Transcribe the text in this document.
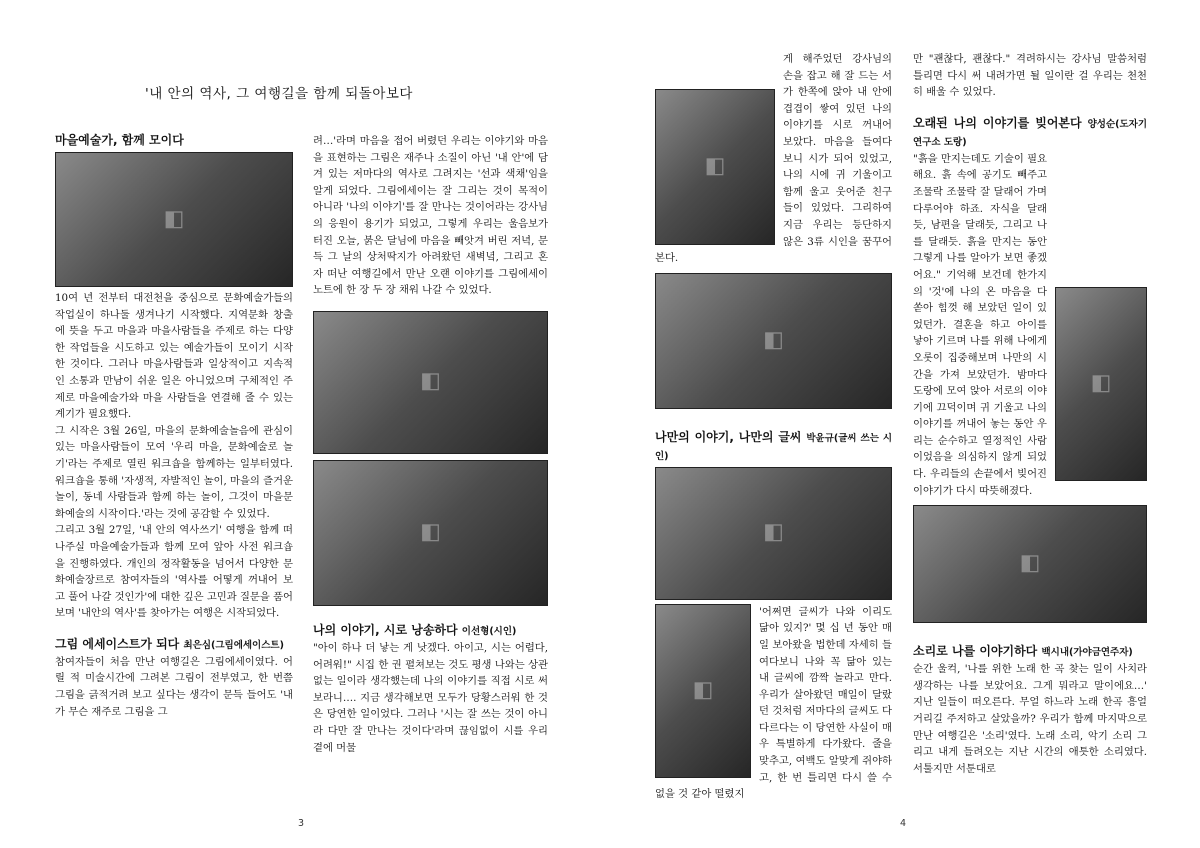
'내 안의 역사, 그 여행길을 함께 되돌아보다
마을예술가, 함께 모이다
◧

10여 년 전부터 대전천을 중심으로 문화예술가들의 작업실이 하나둘 생겨나기 시작했다. 지역문화 창출에 뜻을 두고 마을과 마을사람들을 주제로 하는 다양한 작업들을 시도하고 있는 예술가들이 모이기 시작한 것이다. 그러나 마을사람들과 일상적이고 지속적인 소통과 만남이 쉬운 일은 아니었으며 구체적인 주제로 마을예술가와 마을 사람들을 연결해 줄 수 있는 계기가 필요했다.

그 시작은 3월 26일, 마을의 문화예술놀음에 관심이 있는 마을사람들이 모여 '우리 마을, 문화예술로 놀기'라는 주제로 열린 워크숍을 함께하는 일부터였다. 워크숍을 통해 '자생적, 자발적인 놀이, 마을의 즐거운 놀이, 동네 사람들과 함께 하는 놀이, 그것이 마을문화예술의 시작이다.'라는 것에 공감할 수 있었다.

그리고 3월 27일, '내 안의 역사쓰기' 여행을 함께 떠나주실 마을예술가들과 함께 모여 앞아 사전 워크숍을 진행하였다. 개인의 정작활동을 넘어서 다양한 문화예술장르로 참여자들의 '역사를 어떻게 꺼내어 보고 풀어 나갈 것인가'에 대한 깊은 고민과 질문을 품어보며 '내안의 역사'를 찾아가는 여행은 시작되었다.

그림 에세이스트가 되다 최은심(그림에세이스트)

참여자들이 처음 만난 여행길은 그림에세이였다. 어릴 적 미술시간에 그려본 그림이 전부였고, 한 번쯤 그림을 긁적거려 보고 싶다는 생각이 문득 들어도 '내가 무슨 재주로 그림을 그

려…'라며 마음을 접어 버렸던 우리는 이야기와 마음을 표현하는 그림은 재주나 소질이 아닌 '내 안'에 담겨 있는 저마다의 역사로 그려지는 '선과 색채'임을 알게 되었다. 그림에세이는 잘 그리는 것이 목적이 아니라 '나의 이야기'를 잘 만나는 것이어라는 강사님의 응원이 용기가 되었고, 그렇게 우리는 울음보가 터진 오늘, 붉은 달님에 마음을 빼앗겨 버린 저녁, 문득 그 날의 상처딱지가 아려왔던 새벽녘, 그리고 혼자 떠난 여행길에서 만난 오랜 이야기를 그림에세이 노트에 한 장 두 장 채워 나갈 수 있었다.

◧
◧
나의 이야기, 시로 낭송하다 이선형(시인)

"아이 하나 더 낳는 게 낫겠다. 아이고, 시는 어렵다, 어려워!" 시집 한 권 펼쳐보는 것도 평생 나와는 상관없는 일이라 생각했는데 나의 이야기를 직접 시로 써보라니…. 지금 생각해보면 모두가 당황스러워 한 것은 당연한 일이었다. 그러나 '시는 잘 쓰는 것이 아니라 다만 잘 만나는 것이다'라며 끊임없이 시를 우리 곁에 머물

3
◧

게 해주었던 강사님의 손을 잡고 해 잘 드는 서가 한쪽에 앉아 내 안에 겹겹이 쌓여 있던 나의 이야기를 시로 꺼내어 보았다. 마음을 들여다 보니 시가 되어 있었고, 나의 시에 귀 기울이고 함께 울고 웃어준 친구들이 있었다. 그리하여 지금 우리는 등단하지 않은 3류 시인을 꿈꾸어 본다.

◧
나만의 이야기, 나만의 글씨 박윤규(글씨 쓰는 시인)
◧
◧

'어쩌면 글씨가 나와 이리도 닮아 있지?' 몇 십 년 동안 매일 보아왔을 법한데 자세히 들여다보니 나와 꼭 닮아 있는 내 글씨에 깜짝 놀라고 만다. 우리가 살아왔던 매일이 달랐던 것처럼 저마다의 글씨도 다 다르다는 이 당연한 사실이 매우 특별하게 다가왔다. 줄을 맞추고, 여백도 알맞게 쥐야하고, 한 번 틀리면 다시 쓸 수 없을 것 같아 떨렸지

만 "괜찮다, 괜찮다." 격려하시는 강사님 말씀처럼 틀리면 다시 써 내려가면 될 일이란 걸 우리는 천천히 배울 수 있었다.

오래된 나의 이야기를 빚어본다 양성순(도자기 연구소 도랑)
◧

"흙을 만지는데도 기술이 필요해요. 흙 속에 공기도 빼주고 조물락 조물락 잘 달래어 가며 다루어야 하죠. 자식을 달래듯, 남편을 달래듯, 그리고 나를 달래듯. 흙을 만지는 동안 그렇게 나를 알아가 보면 좋겠어요." 기억해 보건데 한가지의 '것'에 나의 온 마음을 다 쏟아 힘껏 해 보았던 일이 있었던가. 결혼을 하고 아이를 낳아 기르며 나를 위해 나에게 오롯이 집중해보며 나만의 시간을 가져 보았던가. 밤마다 도랑에 모여 앉아 서로의 이야기에 끄덕이며 귀 기울고 나의 이야기를 꺼내어 놓는 동안 우리는 순수하고 열정적인 사람이었음을 의심하지 않게 되었다. 우리들의 손끝에서 빚어진 이야기가 다시 따뜻해졌다.

◧
소리로 나를 이야기하다 백시내(가야금연주자)

순간 울컥, '나를 위한 노래 한 곡 찾는 일이 사치라 생각하는 나를 보았어요. 그게 뭐라고 말이에요…' 지난 일들이 떠오른다. 무얼 하느라 노래 한곡 흥얼거리길 주저하고 살았을까? 우리가 함께 마지막으로 만난 여행길은 '소리'였다. 노래 소리, 악기 소리 그리고 내게 들려오는 지난 시간의 애틋한 소리였다. 서툴지만 서툰대로

4
